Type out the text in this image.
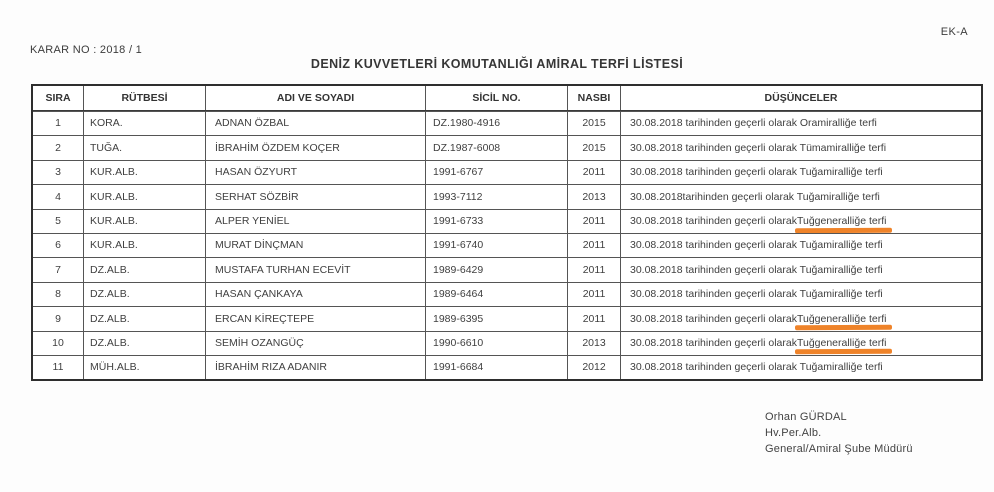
KARAR NO : 2018 / 1
EK-A
DENİZ KUVVETLERİ KOMUTANLIĞI AMİRAL TERFİ LİSTESİ
SIRA	RÜTBESİ	ADI VE SOYADI	SİCİL NO.	NASBI	DÜŞÜNCELER
1	KORA.	ADNAN ÖZBAL	DZ.1980-4916	2015	30.08.2018 tarihinden geçerli olarak Oramiralliğe terfi
2	TUĞA.	İBRAHİM ÖZDEM KOÇER	DZ.1987-6008	2015	30.08.2018 tarihinden geçerli olarak Tümamiralliğe terfi
3	KUR.ALB.	HASAN ÖZYURT	1991-6767	2011	30.08.2018 tarihinden geçerli olarak Tuğamiralliğe terfi
4	KUR.ALB.	SERHAT SÖZBİR	1993-7112	2013	30.08.2018tarihinden geçerli olarak Tuğamiralliğe terfi
5	KUR.ALB.	ALPER YENİEL	1991-6733	2011	30.08.2018 tarihinden geçerli olarak Tuğgeneralliğe terfi
6	KUR.ALB.	MURAT DİNÇMAN	1991-6740	2011	30.08.2018 tarihinden geçerli olarak Tuğamiralliğe terfi
7	DZ.ALB.	MUSTAFA TURHAN ECEVİT	1989-6429	2011	30.08.2018 tarihinden geçerli olarak Tuğamiralliğe terfi
8	DZ.ALB.	HASAN ÇANKAYA	1989-6464	2011	30.08.2018 tarihinden geçerli olarak Tuğamiralliğe terfi
9	DZ.ALB.	ERCAN KİREÇTEPE	1989-6395	2011	30.08.2018 tarihinden geçerli olarak Tuğgeneralliğe terfi
10	DZ.ALB.	SEMİH OZANGÜÇ	1990-6610	2013	30.08.2018 tarihinden geçerli olarak Tuğgeneralliğe terfi
11	MÜH.ALB.	İBRAHİM RIZA ADANIR	1991-6684	2012	30.08.2018 tarihinden geçerli olarak Tuğamiralliğe terfi
Orhan GÜRDAL
Hv.Per.Alb.
General/Amiral Şube Müdürü
